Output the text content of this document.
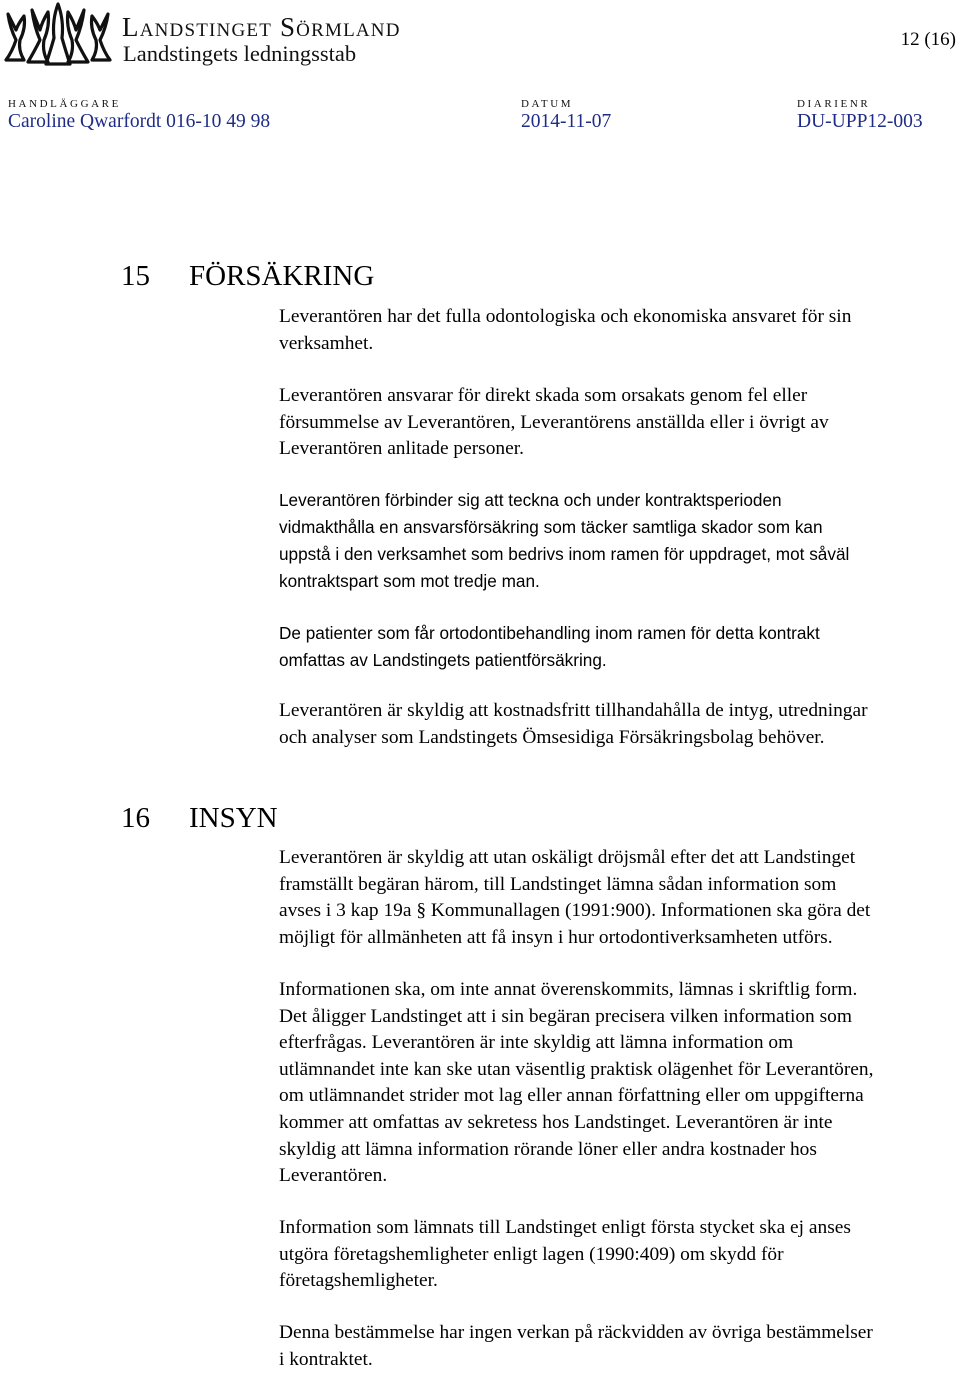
Landstinget Sörmland
Landstingets ledningsstab
12 (16)
HANDLÄGGARE
Caroline Qwarfordt 016-10 49 98
DATUM
2014-11-07
DIARIENR
DU-UPP12-003
15 FÖRSÄKRING
Leverantören har det fulla odontologiska och ekonomiska ansvaret för sin
verksamhet.
Leverantören ansvarar för direkt skada som orsakats genom fel eller
försummelse av Leverantören, Leverantörens anställda eller i övrigt av
Leverantören anlitade personer.
Leverantören förbinder sig att teckna och under kontraktsperioden
vidmakthålla en ansvarsförsäkring som täcker samtliga skador som kan
uppstå i den verksamhet som bedrivs inom ramen för uppdraget, mot såväl
kontraktspart som mot tredje man.
De patienter som får ortodontibehandling inom ramen för detta kontrakt
omfattas av Landstingets patientförsäkring.
Leverantören är skyldig att kostnadsfritt tillhandahålla de intyg, utredningar
och analyser som Landstingets Ömsesidiga Försäkringsbolag behöver.
16 INSYN
Leverantören är skyldig att utan oskäligt dröjsmål efter det att Landstinget
framställt begäran härom, till Landstinget lämna sådan information som
avses i 3 kap 19a § Kommunallagen (1991:900). Informationen ska göra det
möjligt för allmänheten att få insyn i hur ortodontiverksamheten utförs.
Informationen ska, om inte annat överenskommits, lämnas i skriftlig form.
Det åligger Landstinget att i sin begäran precisera vilken information som
efterfrågas. Leverantören är inte skyldig att lämna information om
utlämnandet inte kan ske utan väsentlig praktisk olägenhet för Leverantören,
om utlämnandet strider mot lag eller annan författning eller om uppgifterna
kommer att omfattas av sekretess hos Landstinget. Leverantören är inte
skyldig att lämna information rörande löner eller andra kostnader hos
Leverantören.
Information som lämnats till Landstinget enligt första stycket ska ej anses
utgöra företagshemligheter enligt lagen (1990:409) om skydd för
företagshemligheter.
Denna bestämmelse har ingen verkan på räckvidden av övriga bestämmelser
i kontraktet.
